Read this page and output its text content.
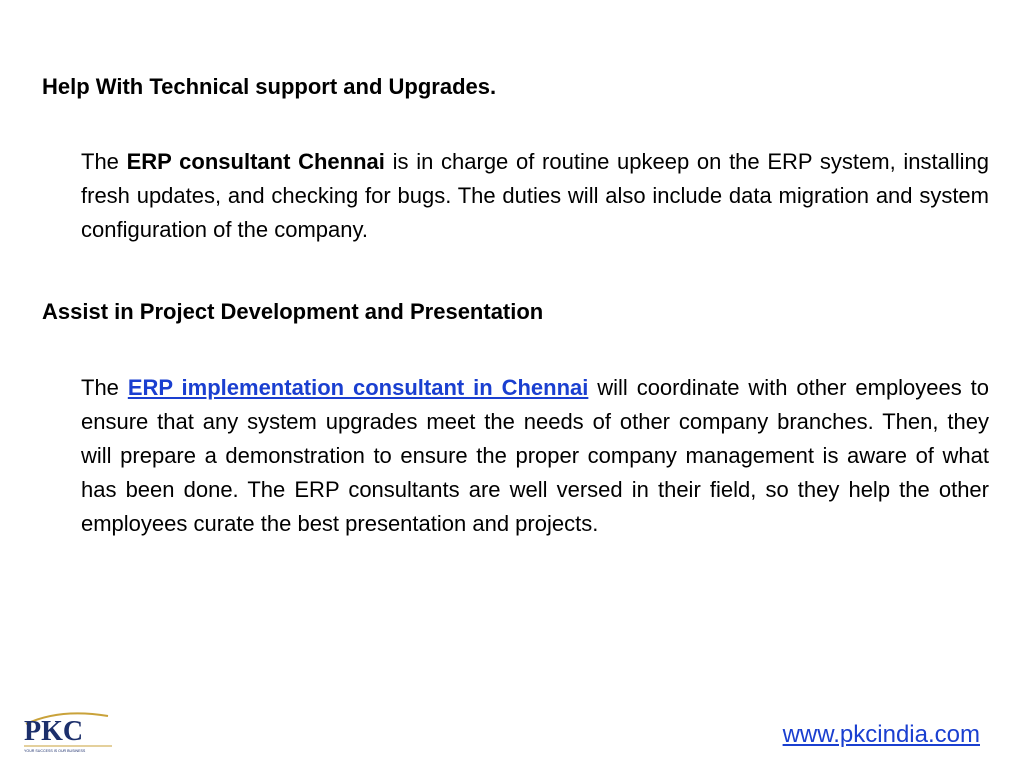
Help With Technical support and Upgrades.
The ERP consultant Chennai is in charge of routine upkeep on the ERP system, installing fresh updates, and checking for bugs. The duties will also include data migration and system configuration of the company.
Assist in Project Development and Presentation
The ERP implementation consultant in Chennai will coordinate with other employees to ensure that any system upgrades meet the needs of other company branches. Then, they will prepare a demonstration to ensure the proper company management is aware of what has been done. The ERP consultants are well versed in their field, so they help the other employees curate the best presentation and projects.
PKC
YOUR SUCCESS IS OUR BUSINESS
www.pkcindia.com
